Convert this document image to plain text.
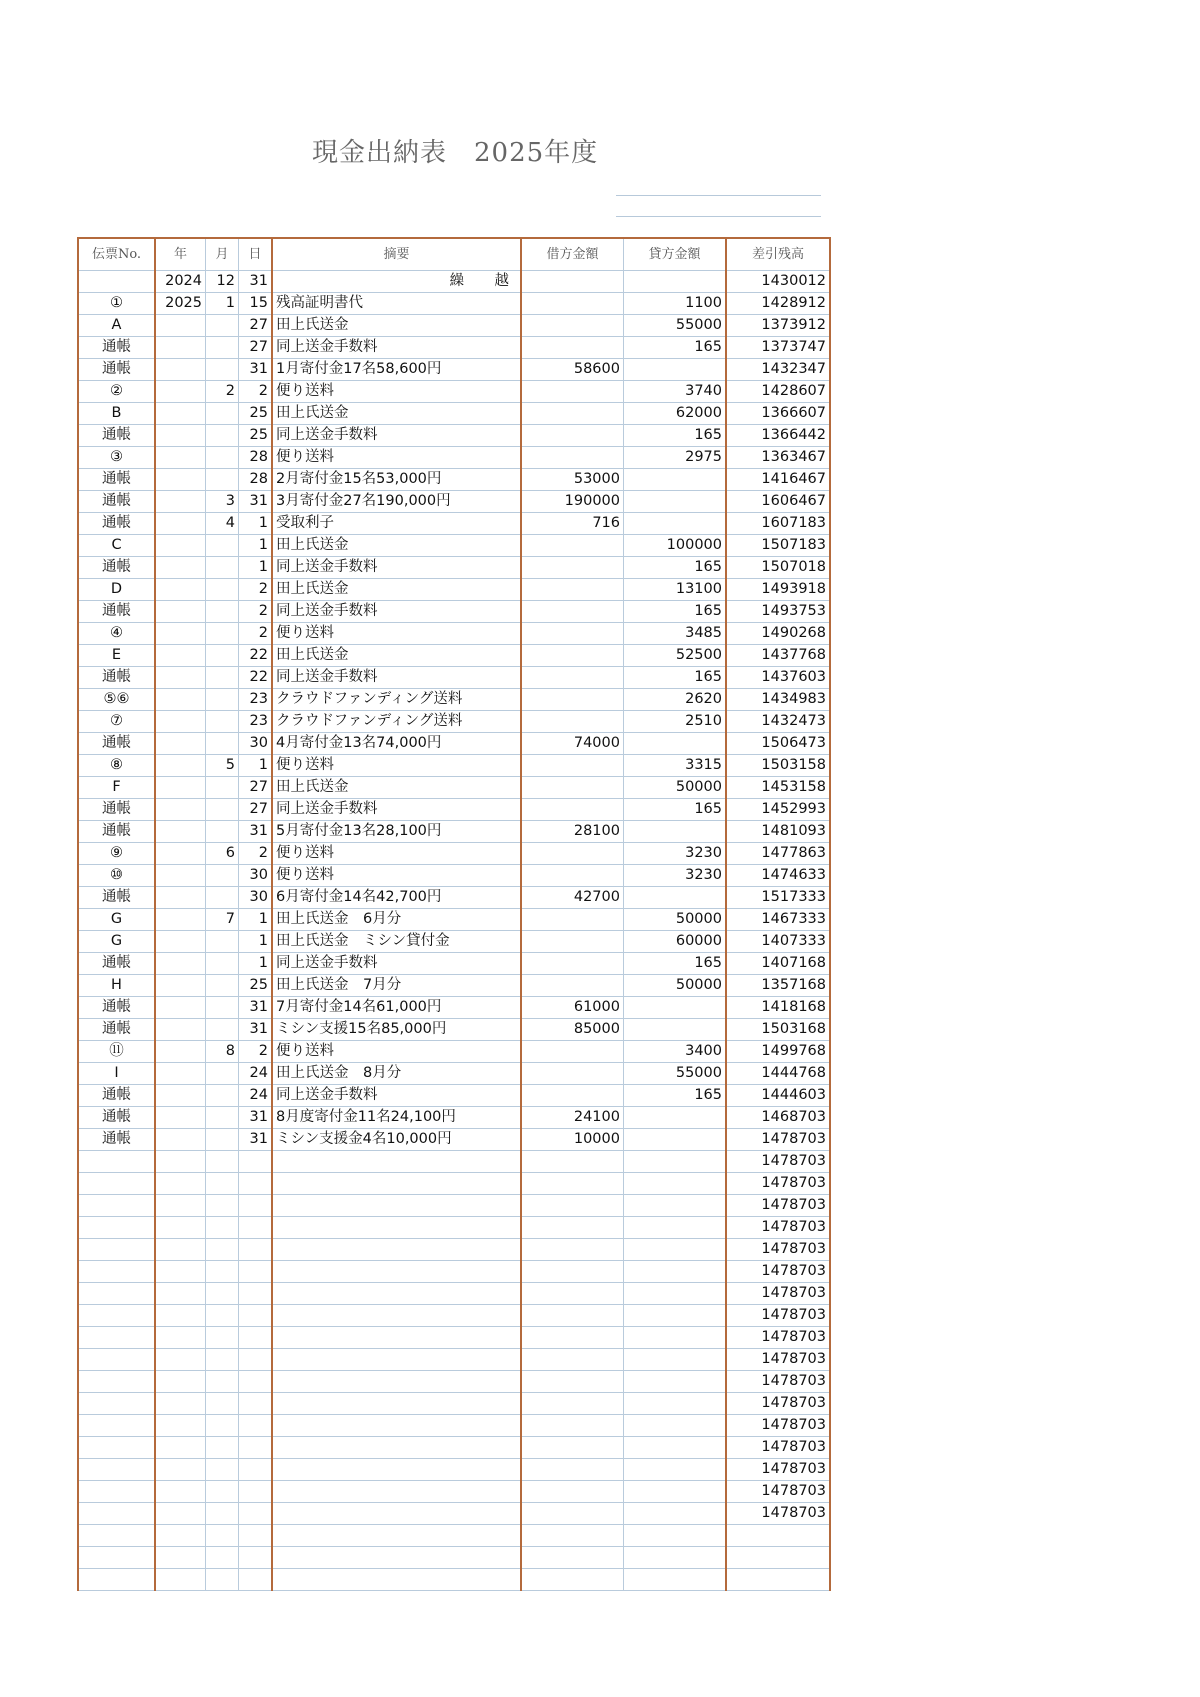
現金出納表　2025年度
伝票No.	年	月	日	摘要	借方金額	貸方金額	差引残高
	2024	12	31	繰　越			1430012
①	2025	1	15	残高証明書代		1100	1428912
A			27	田上氏送金		55000	1373912
通帳			27	同上送金手数料		165	1373747
通帳			31	1月寄付金17名58,600円	58600		1432347
②		2	2	便り送料		3740	1428607
B			25	田上氏送金		62000	1366607
通帳			25	同上送金手数料		165	1366442
③			28	便り送料		2975	1363467
通帳			28	2月寄付金15名53,000円	53000		1416467
通帳		3	31	3月寄付金27名190,000円	190000		1606467
通帳		4	1	受取利子	716		1607183
C			1	田上氏送金		100000	1507183
通帳			1	同上送金手数料		165	1507018
D			2	田上氏送金		13100	1493918
通帳			2	同上送金手数料		165	1493753
④			2	便り送料		3485	1490268
E			22	田上氏送金		52500	1437768
通帳			22	同上送金手数料		165	1437603
⑤⑥			23	クラウドファンディング送料		2620	1434983
⑦			23	クラウドファンディング送料		2510	1432473
通帳			30	4月寄付金13名74,000円	74000		1506473
⑧		5	1	便り送料		3315	1503158
F			27	田上氏送金		50000	1453158
通帳			27	同上送金手数料		165	1452993
通帳			31	5月寄付金13名28,100円	28100		1481093
⑨		6	2	便り送料		3230	1477863
⑩			30	便り送料		3230	1474633
通帳			30	6月寄付金14名42,700円	42700		1517333
G		7	1	田上氏送金　6月分		50000	1467333
G			1	田上氏送金　ミシン貸付金		60000	1407333
通帳			1	同上送金手数料		165	1407168
H			25	田上氏送金　7月分		50000	1357168
通帳			31	7月寄付金14名61,000円	61000		1418168
通帳			31	ミシン支援15名85,000円	85000		1503168
⑪		8	2	便り送料		3400	1499768
I			24	田上氏送金　8月分		55000	1444768
通帳			24	同上送金手数料		165	1444603
通帳			31	8月度寄付金11名24,100円	24100		1468703
通帳			31	ミシン支援金4名10,000円	10000		1478703
							1478703
							1478703
							1478703
							1478703
							1478703
							1478703
							1478703
							1478703
							1478703
							1478703
							1478703
							1478703
							1478703
							1478703
							1478703
							1478703
							1478703
